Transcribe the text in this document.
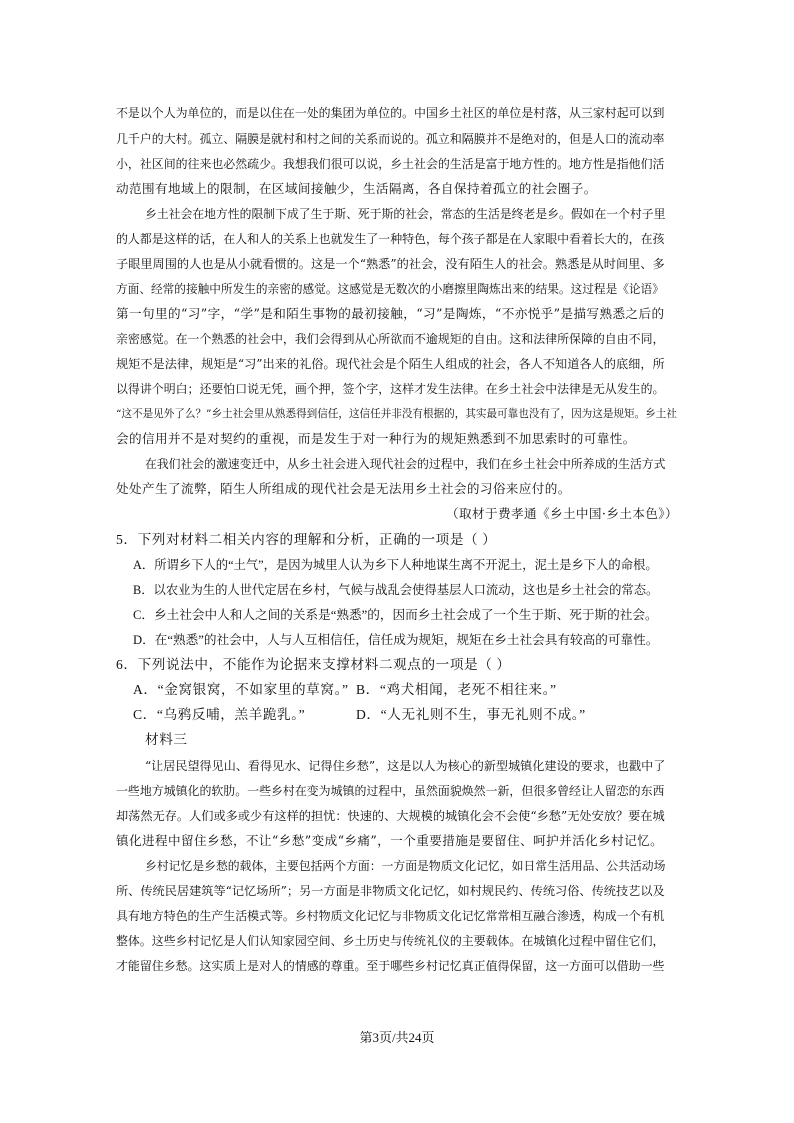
不是以个人为单位的，而是以住在一处的集团为单位的。中国乡土社区的单位是村落，从三家村起可以到
几千户的大村。孤立、隔膜是就村和村之间的关系而说的。孤立和隔膜并不是绝对的，但是人口的流动率
小，社区间的往来也必然疏少。我想我们很可以说，乡土社会的生活是富于地方性的。地方性是指他们活
动范围有地域上的限制，在区域间接触少，生活隔离，各自保持着孤立的社会圈子。
乡土社会在地方性的限制下成了生于斯、死于斯的社会，常态的生活是终老是乡。假如在一个村子里
的人都是这样的话，在人和人的关系上也就发生了一种特色，每个孩子都是在人家眼中看着长大的，在孩
子眼里周围的人也是从小就看惯的。这是一个“熟悉”的社会，没有陌生人的社会。熟悉是从时间里、多
方面、经常的接触中所发生的亲密的感觉。这感觉是无数次的小磨擦里陶炼出来的结果。这过程是《论语》
第一句里的“习”字，“学”是和陌生事物的最初接触，“习”是陶炼，“不亦悦乎”是描写熟悉之后的
亲密感觉。在一个熟悉的社会中，我们会得到从心所欲而不逾规矩的自由。这和法律所保障的自由不同，
规矩不是法律，规矩是“习”出来的礼俗。现代社会是个陌生人组成的社会，各人不知道各人的底细，所
以得讲个明白；还要怕口说无凭，画个押，签个字，这样才发生法律。在乡土社会中法律是无从发生的。
“这不是见外了么？”乡土社会里从熟悉得到信任，这信任并非没有根据的，其实最可靠也没有了，因为这是规矩。乡土社
会的信用并不是对契约的重视，而是发生于对一种行为的规矩熟悉到不加思索时的可靠性。
在我们社会的激速变迁中，从乡土社会进入现代社会的过程中，我们在乡土社会中所养成的生活方式
处处产生了流弊，陌生人所组成的现代社会是无法用乡土社会的习俗来应付的。
（取材于费孝通《乡土中国·乡土本色》）
5．下列对材料二相关内容的理解和分析，正确的一项是（ ）
A．所谓乡下人的“土气”，是因为城里人认为乡下人种地谋生离不开泥土，泥土是乡下人的命根。
B．以农业为生的人世代定居在乡村，气候与战乱会使得基层人口流动，这也是乡土社会的常态。
C．乡土社会中人和人之间的关系是“熟悉”的，因而乡土社会成了一个生于斯、死于斯的社会。
D．在“熟悉”的社会中，人与人互相信任，信任成为规矩，规矩在乡土社会具有较高的可靠性。
6．下列说法中，不能作为论据来支撑材料二观点的一项是（ ）
A．“金窝银窝，不如家里的草窝。” B．“鸡犬相闻，老死不相往来。”
C．“乌鸦反哺，羔羊跪乳。”	D．“人无礼则不生，事无礼则不成。”
材料三
“让居民望得见山、看得见水、记得住乡愁”，这是以人为核心的新型城镇化建设的要求，也戳中了
一些地方城镇化的软肋。一些乡村在变为城镇的过程中，虽然面貌焕然一新，但很多曾经让人留恋的东西
却荡然无存。人们或多或少有这样的担忧：快速的、大规模的城镇化会不会使“乡愁”无处安放？要在城
镇化进程中留住乡愁，不让“乡愁”变成“乡痛”，一个重要措施是要留住、呵护并活化乡村记忆。
乡村记忆是乡愁的载体，主要包括两个方面：一方面是物质文化记忆，如日常生活用品、公共活动场
所、传统民居建筑等“记忆场所”；另一方面是非物质文化记忆，如村规民约、传统习俗、传统技艺以及
具有地方特色的生产生活模式等。乡村物质文化记忆与非物质文化记忆常常相互融合渗透，构成一个有机
整体。这些乡村记忆是人们认知家园空间、乡土历史与传统礼仪的主要载体。在城镇化过程中留住它们，
才能留住乡愁。这实质上是对人的情感的尊重。至于哪些乡村记忆真正值得保留，这一方面可以借助一些
第3页/共24页
